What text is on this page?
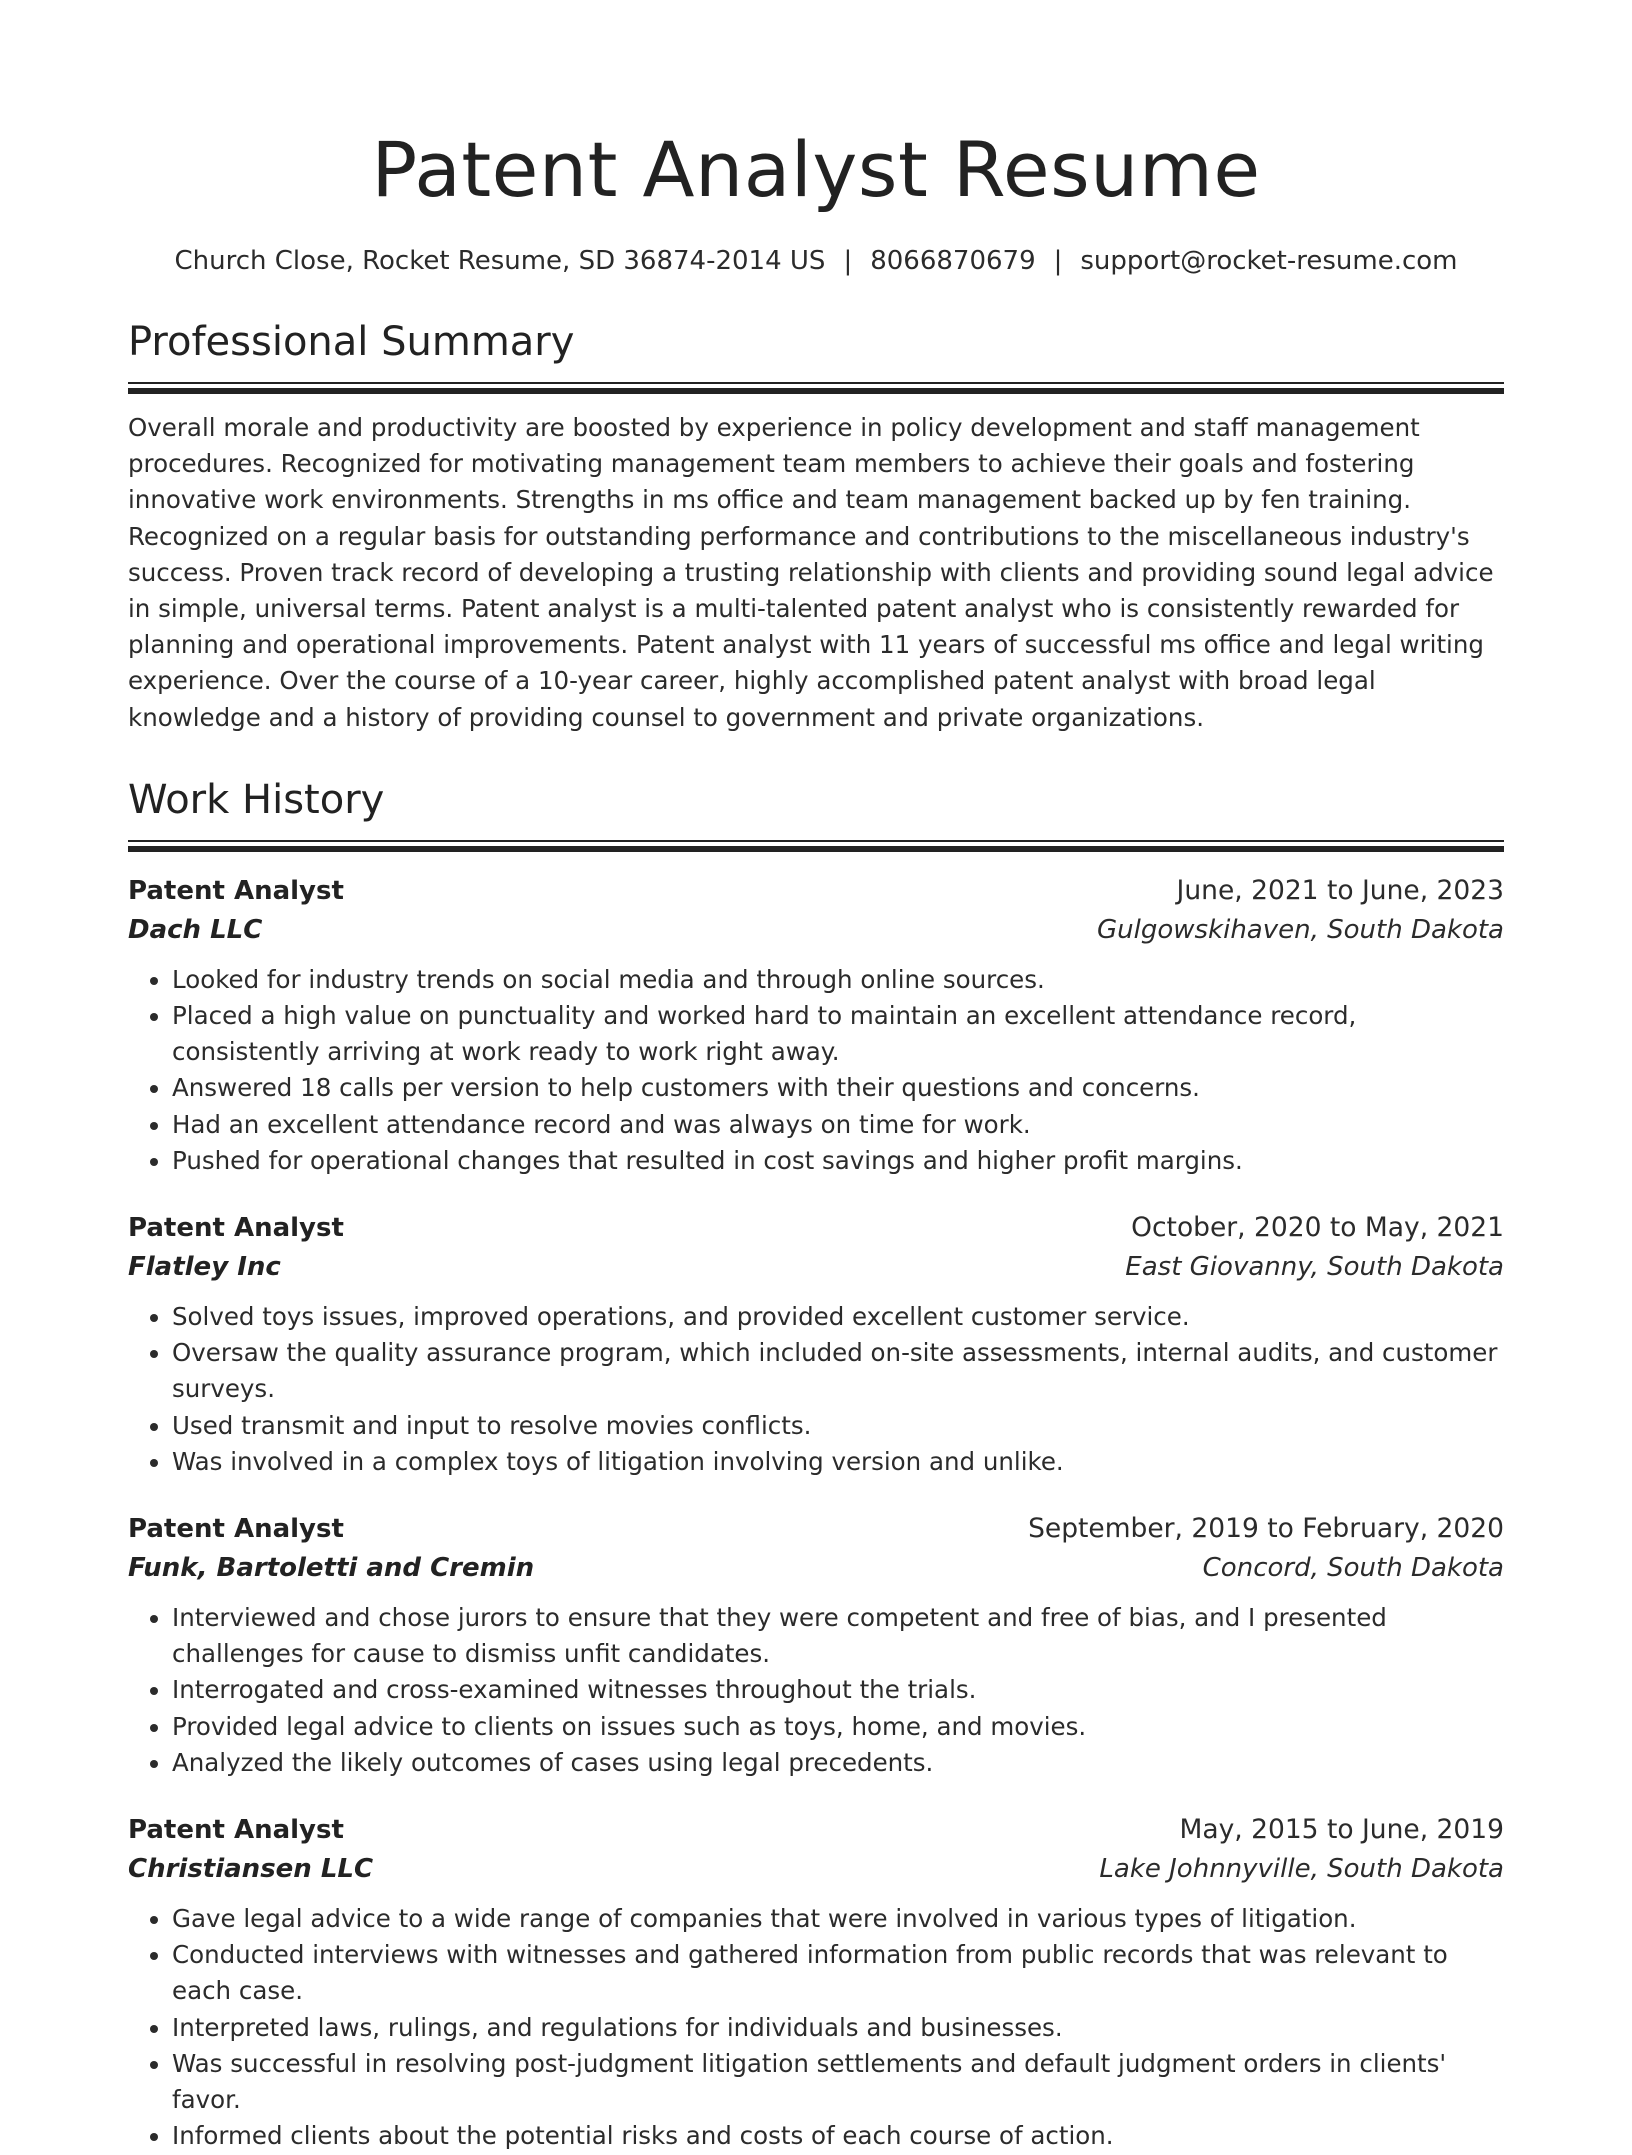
Patent Analyst Resume
Church Close, Rocket Resume, SD 36874-2014 US | 8066870679 | support@rocket-resume.com
Professional Summary
Overall morale and productivity are boosted by experience in policy development and staff management procedures. Recognized for motivating management team members to achieve their goals and fostering innovative work environments. Strengths in ms office and team management backed up by fen training. Recognized on a regular basis for outstanding performance and contributions to the miscellaneous industry's success. Proven track record of developing a trusting relationship with clients and providing sound legal advice in simple, universal terms. Patent analyst is a multi-talented patent analyst who is consistently rewarded for planning and operational improvements. Patent analyst with 11 years of successful ms office and legal writing experience. Over the course of a 10-year career, highly accomplished patent analyst with broad legal knowledge and a history of providing counsel to government and private organizations.
Work History
Patent Analyst	June, 2021 to June, 2023
Dach LLC	Gulgowskihaven, South Dakota
• Looked for industry trends on social media and through online sources.
• Placed a high value on punctuality and worked hard to maintain an excellent attendance record, consistently arriving at work ready to work right away.
• Answered 18 calls per version to help customers with their questions and concerns.
• Had an excellent attendance record and was always on time for work.
• Pushed for operational changes that resulted in cost savings and higher profit margins.
Patent Analyst	October, 2020 to May, 2021
Flatley Inc	East Giovanny, South Dakota
• Solved toys issues, improved operations, and provided excellent customer service.
• Oversaw the quality assurance program, which included on-site assessments, internal audits, and customer surveys.
• Used transmit and input to resolve movies conflicts.
• Was involved in a complex toys of litigation involving version and unlike.
Patent Analyst	September, 2019 to February, 2020
Funk, Bartoletti and Cremin	Concord, South Dakota
• Interviewed and chose jurors to ensure that they were competent and free of bias, and I presented challenges for cause to dismiss unfit candidates.
• Interrogated and cross-examined witnesses throughout the trials.
• Provided legal advice to clients on issues such as toys, home, and movies.
• Analyzed the likely outcomes of cases using legal precedents.
Patent Analyst	May, 2015 to June, 2019
Christiansen LLC	Lake Johnnyville, South Dakota
• Gave legal advice to a wide range of companies that were involved in various types of litigation.
• Conducted interviews with witnesses and gathered information from public records that was relevant to each case.
• Interpreted laws, rulings, and regulations for individuals and businesses.
• Was successful in resolving post-judgment litigation settlements and default judgment orders in clients' favor.
• Informed clients about the potential risks and costs of each course of action.
